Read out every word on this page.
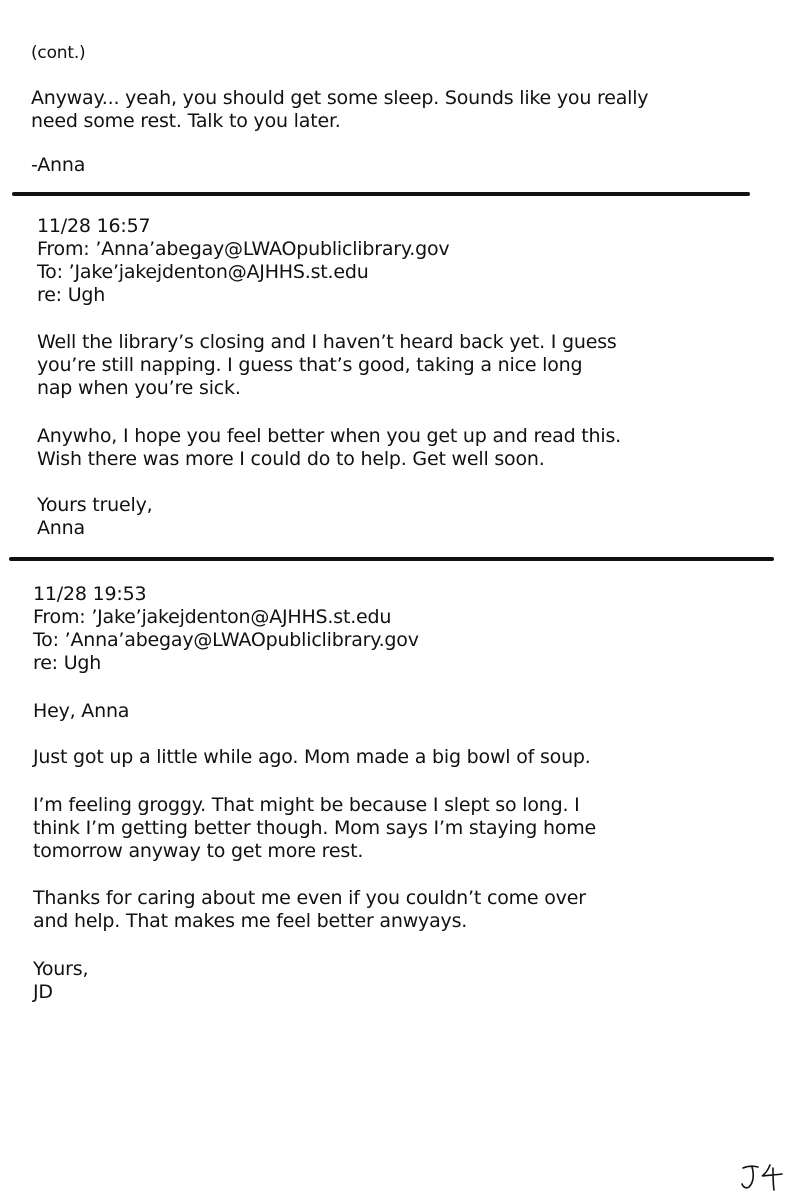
(cont.)
Anyway... yeah, you should get some sleep. Sounds like you really
need some rest. Talk to you later.
-Anna
11/28 16:57
From: ’Anna’abegay@LWAOpubliclibrary.gov
To: ’Jake’jakejdenton@AJHHS.st.edu
re: Ugh
Well the library’s closing and I haven’t heard back yet. I guess
you’re still napping. I guess that’s good, taking a nice long
nap when you’re sick.
Anywho, I hope you feel better when you get up and read this.
Wish there was more I could do to help. Get well soon.
Yours truely,
Anna
11/28 19:53
From: ’Jake’jakejdenton@AJHHS.st.edu
To: ’Anna’abegay@LWAOpubliclibrary.gov
re: Ugh
Hey, Anna
Just got up a little while ago. Mom made a big bowl of soup.
I’m feeling groggy. That might be because I slept so long. I
think I’m getting better though. Mom says I’m staying home
tomorrow anyway to get more rest.
Thanks for caring about me even if you couldn’t come over
and help. That makes me feel better anwyays.
Yours,
JD
